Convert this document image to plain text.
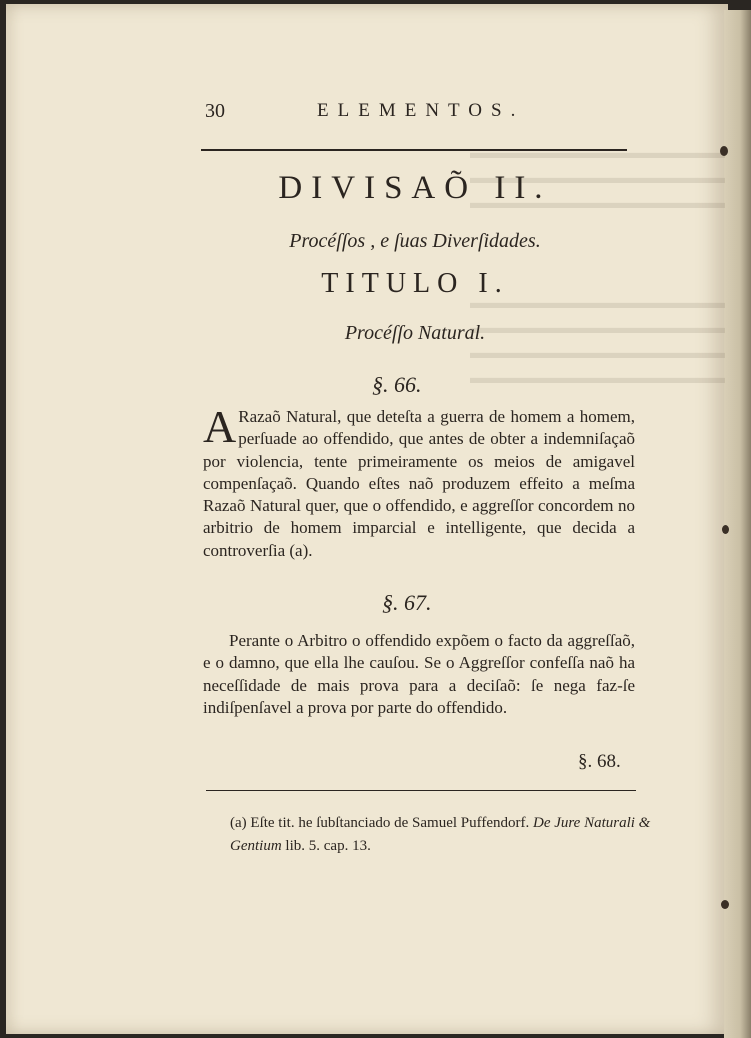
30	ELEMENTOS.
DIVISAÕ II.
Procéſſos , e ſuas Diverſidades.
TITULO I.
Procéſſo Natural.
§. 66.
A Razaõ Natural, que deteſta a guerra de homem a homem, perſuade ao offendido, que antes de obter a indemniſaçaõ por violencia, tente primeiramente os meios de amigavel compenſaçaõ. Quando eſtes naõ produzem effeito a meſma Razaõ Natural quer, que o offendido, e aggreſſor concordem no arbitrio de homem imparcial e intelligente, que decida a controverſia (a).
§. 67.
Perante o Arbitro o offendido expõem o facto da aggreſſaõ, e o damno, que ella lhe cauſou. Se o Aggreſſor confeſſa naõ ha neceſſidade de mais prova para a deciſaõ: ſe nega faz-ſe indiſpenſavel a prova por parte do offendido.
§. 68.
(a) Eſte tit. he ſubſtanciado de Samuel Puffendorf. De Jure Naturali & Gentium lib. 5. cap. 13.
